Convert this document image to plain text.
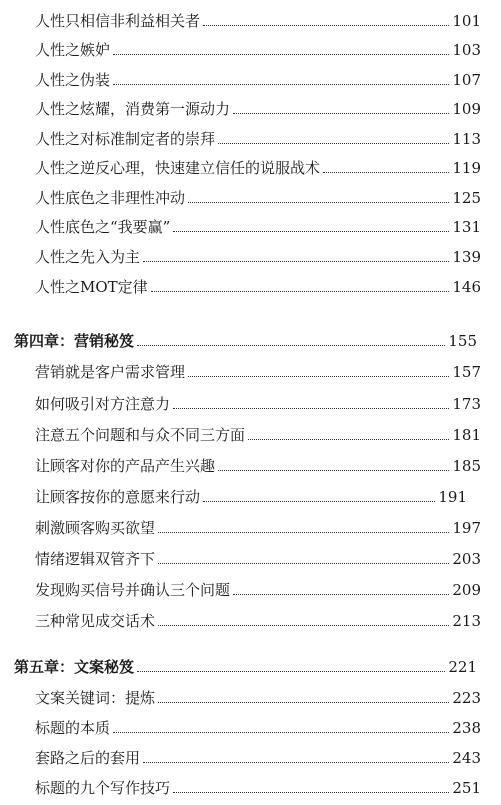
人性只相信非利益相关者	101
人性之嫉妒	103
人性之伪装	107
人性之炫耀，消费第一源动力	109
人性之对标准制定者的崇拜	113
人性之逆反心理，快速建立信任的说服战术	119
人性底色之非理性冲动	125
人性底色之“我要赢”	131
人性之先入为主	139
人性之MOT定律	146
第四章：营销秘笈	155
营销就是客户需求管理	157
如何吸引对方注意力	173
注意五个问题和与众不同三方面	181
让顾客对你的产品产生兴趣	185
让顾客按你的意愿来行动	191
刺激顾客购买欲望	197
情绪逻辑双管齐下	203
发现购买信号并确认三个问题	209
三种常见成交话术	213
第五章：文案秘笈	221
文案关键词：提炼	223
标题的本质	238
套路之后的套用	243
标题的九个写作技巧	251
